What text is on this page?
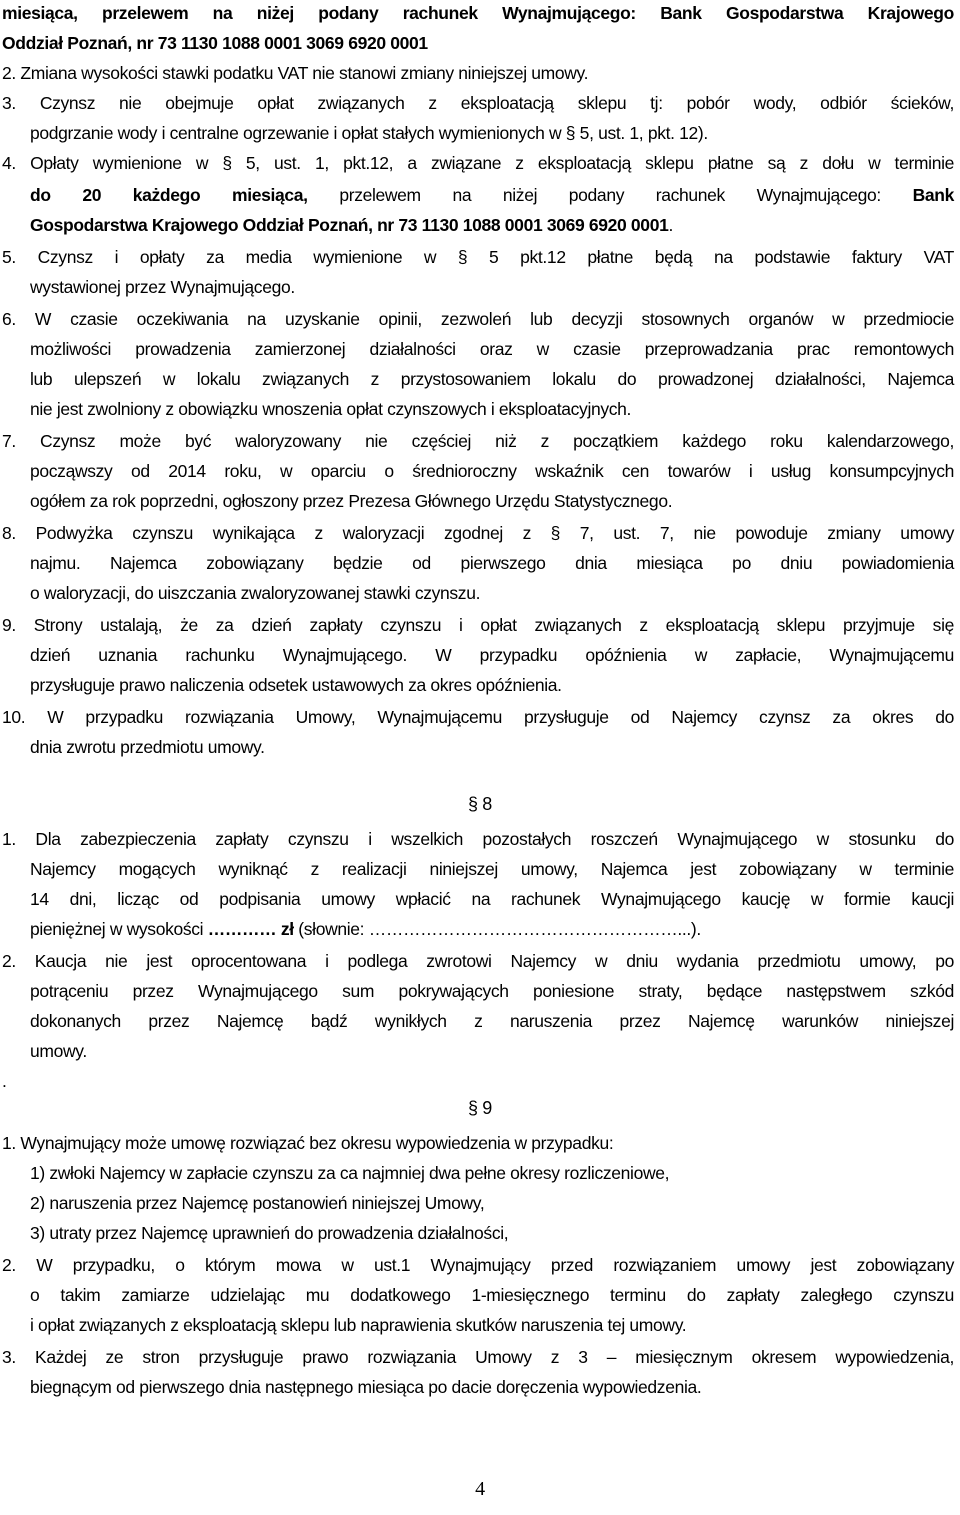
miesiąca, przelewem na niżej podany rachunek Wynajmującego: Bank Gospodarstwa Krajowego
Oddział Poznań, nr 73 1130 1088 0001 3069 6920 0001
2. Zmiana wysokości stawki podatku VAT nie stanowi zmiany niniejszej umowy.
3. Czynsz nie obejmuje opłat związanych z eksploatacją sklepu tj: pobór wody, odbiór ścieków,
podgrzanie wody i centralne ogrzewanie i opłat stałych wymienionych w § 5, ust. 1, pkt. 12).
4. Opłaty wymienione w § 5, ust. 1, pkt.12, a związane z eksploatacją sklepu płatne są z dołu w terminie
do 20 każdego miesiąca, przelewem na niżej podany rachunek Wynajmującego: Bank
Gospodarstwa Krajowego Oddział Poznań, nr 73 1130 1088 0001 3069 6920 0001.
5. Czynsz i opłaty za media wymienione w § 5 pkt.12 płatne będą na podstawie faktury VAT
wystawionej przez Wynajmującego.
6. W czasie oczekiwania na uzyskanie opinii, zezwoleń lub decyzji stosownych organów w przedmiocie
możliwości prowadzenia zamierzonej działalności oraz w czasie przeprowadzania prac remontowych
lub ulepszeń w lokalu związanych z przystosowaniem lokalu do prowadzonej działalności, Najemca
nie jest zwolniony z obowiązku wnoszenia opłat czynszowych i eksploatacyjnych.
7. Czynsz może być waloryzowany nie częściej niż z początkiem każdego roku kalendarzowego,
począwszy od 2014 roku, w oparciu o średnioroczny wskaźnik cen towarów i usług konsumpcyjnych
ogółem za rok poprzedni, ogłoszony przez Prezesa Głównego Urzędu Statystycznego.
8. Podwyżka czynszu wynikająca z waloryzacji zgodnej z § 7, ust. 7, nie powoduje zmiany umowy
najmu. Najemca zobowiązany będzie od pierwszego dnia miesiąca po dniu powiadomienia
o waloryzacji, do uiszczania zwaloryzowanej stawki czynszu.
9. Strony ustalają, że za dzień zapłaty czynszu i opłat związanych z eksploatacją sklepu przyjmuje się
dzień uznania rachunku Wynajmującego. W przypadku opóźnienia w zapłacie, Wynajmującemu
przysługuje prawo naliczenia odsetek ustawowych za okres opóźnienia.
10. W przypadku rozwiązania Umowy, Wynajmującemu przysługuje od Najemcy czynsz za okres do
dnia zwrotu przedmiotu umowy.
§ 8
1. Dla zabezpieczenia zapłaty czynszu i wszelkich pozostałych roszczeń Wynajmującego w stosunku do
Najemcy mogących wyniknąć z realizacji niniejszej umowy, Najemca jest zobowiązany w terminie
14 dni, licząc od podpisania umowy wpłacić na rachunek Wynajmującego kaucję w formie kaucji
pieniężnej w wysokości ………… zł (słownie: ………………………………………………...).
2. Kaucja nie jest oprocentowana i podlega zwrotowi Najemcy w dniu wydania przedmiotu umowy, po
potrąceniu przez Wynajmującego sum pokrywających poniesione straty, będące następstwem szkód
dokonanych przez Najemcę bądź wynikłych z naruszenia przez Najemcę warunków niniejszej
umowy.
.
§ 9
1. Wynajmujący może umowę rozwiązać bez okresu wypowiedzenia w przypadku:
1) zwłoki Najemcy w zapłacie czynszu za ca najmniej dwa pełne okresy rozliczeniowe,
2) naruszenia przez Najemcę postanowień niniejszej Umowy,
3) utraty przez Najemcę uprawnień do prowadzenia działalności,
2. W przypadku, o którym mowa w ust.1 Wynajmujący przed rozwiązaniem umowy jest zobowiązany
o takim zamiarze udzielając mu dodatkowego 1-miesięcznego terminu do zapłaty zaległego czynszu
i opłat związanych z eksploatacją sklepu lub naprawienia skutków naruszenia tej umowy.
3. Każdej ze stron przysługuje prawo rozwiązania Umowy z 3 – miesięcznym okresem wypowiedzenia,
biegnącym od pierwszego dnia następnego miesiąca po dacie doręczenia wypowiedzenia.
4
